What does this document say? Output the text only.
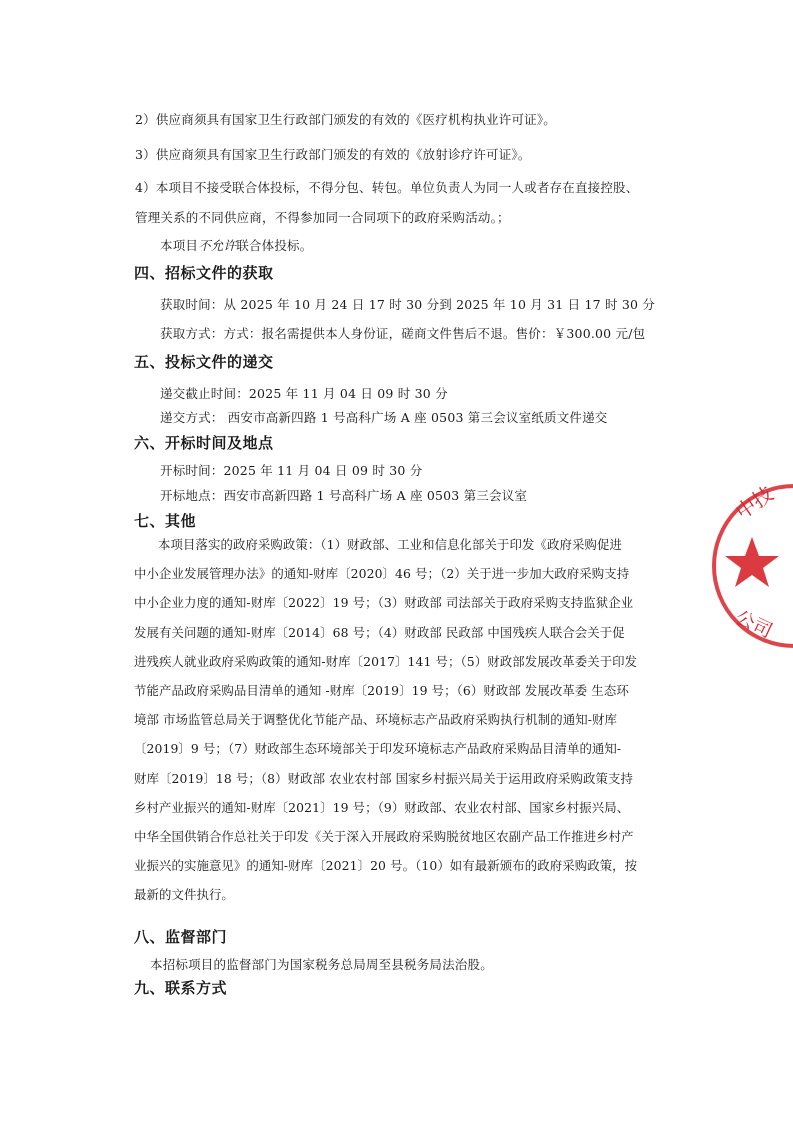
2）供应商须具有国家卫生行政部门颁发的有效的《医疗机构执业许可证》。
3）供应商须具有国家卫生行政部门颁发的有效的《放射诊疗许可证》。
4）本项目不接受联合体投标，不得分包、转包。单位负责人为同一人或者存在直接控股、
管理关系的不同供应商，不得参加同一合同项下的政府采购活动。；
本项目不允许联合体投标。
四、招标文件的获取
获取时间：从 2025 年 10 月 24 日 17 时 30 分到 2025 年 10 月 31 日 17 时 30 分
获取方式：方式：报名需提供本人身份证，磋商文件售后不退。售价：￥300.00 元/包
五、投标文件的递交
递交截止时间：2025 年 11 月 04 日 09 时 30 分
递交方式： 西安市高新四路 1 号高科广场 A 座 0503 第三会议室纸质文件递交
六、开标时间及地点
开标时间：2025 年 11 月 04 日 09 时 30 分
开标地点：西安市高新四路 1 号高科广场 A 座 0503 第三会议室
七、其他
本项目落实的政府采购政策：（1）财政部、工业和信息化部关于印发《政府采购促进
中小企业发展管理办法》的通知-财库〔2020〕46 号；（2）关于进一步加大政府采购支持
中小企业力度的通知-财库〔2022〕19 号；（3）财政部 司法部关于政府采购支持监狱企业
发展有关问题的通知-财库〔2014〕68 号；（4）财政部 民政部 中国残疾人联合会关于促
进残疾人就业政府采购政策的通知-财库〔2017〕141 号；（5）财政部发展改革委关于印发
节能产品政府采购品目清单的通知 -财库〔2019〕19 号；（6）财政部 发展改革委 生态环
境部 市场监管总局关于调整优化节能产品、环境标志产品政府采购执行机制的通知-财库
〔2019〕9 号；（7）财政部生态环境部关于印发环境标志产品政府采购品目清单的通知-
财库〔2019〕18 号；（8）财政部 农业农村部 国家乡村振兴局关于运用政府采购政策支持
乡村产业振兴的通知-财库〔2021〕19 号；（9）财政部、农业农村部、国家乡村振兴局、
中华全国供销合作总社关于印发《关于深入开展政府采购脱贫地区农副产品工作推进乡村产
业振兴的实施意见》的通知-财库〔2021〕20 号。（10）如有最新颁布的政府采购政策，按
最新的文件执行。
八、监督部门
本招标项目的监督部门为国家税务总局周至县税务局法治股。
九、联系方式
中技
公司
